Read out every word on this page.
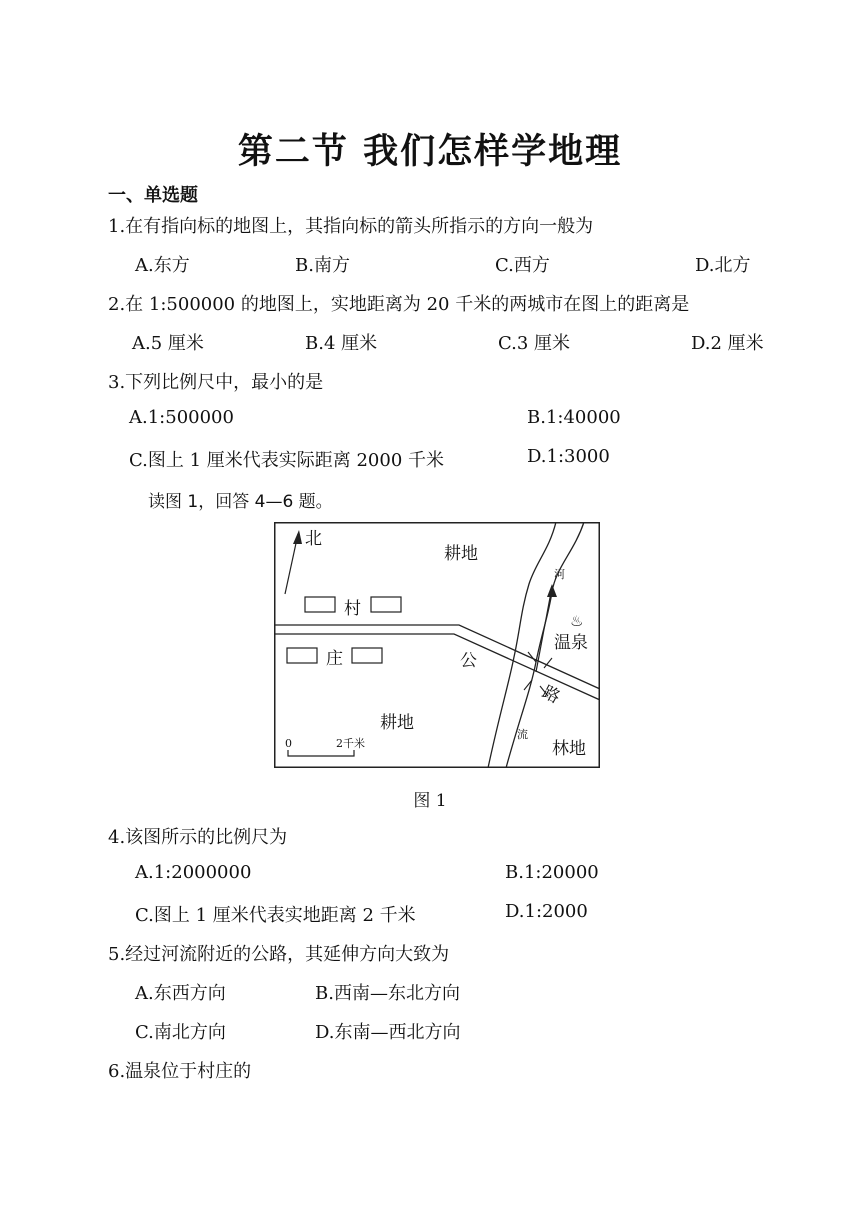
第二节 我们怎样学地理
一、单选题
1.在有指向标的地图上，其指向标的箭头所指示的方向一般为
A.东方	B.南方	C.西方	D.北方
2.在 1:500000 的地图上，实地距离为 20 千米的两城市在图上的距离是
A.5 厘米	B.4 厘米	C.3 厘米	D.2 厘米
3.下列比例尺中，最小的是
A.1:500000	B.1:40000
C.图上 1 厘米代表实际距离 2000 千米	D.1:3000
读图 1，回答 4—6 题。
北
耕地
村
庄	公
路
耕地
河
流
♨
温泉
林地
0	2千米
图 1
4.该图所示的比例尺为
A.1:2000000	B.1:20000
C.图上 1 厘米代表实地距离 2 千米	D.1:2000
5.经过河流附近的公路，其延伸方向大致为
A.东西方向	B.西南—东北方向
C.南北方向	D.东南—西北方向
6.温泉位于村庄的
